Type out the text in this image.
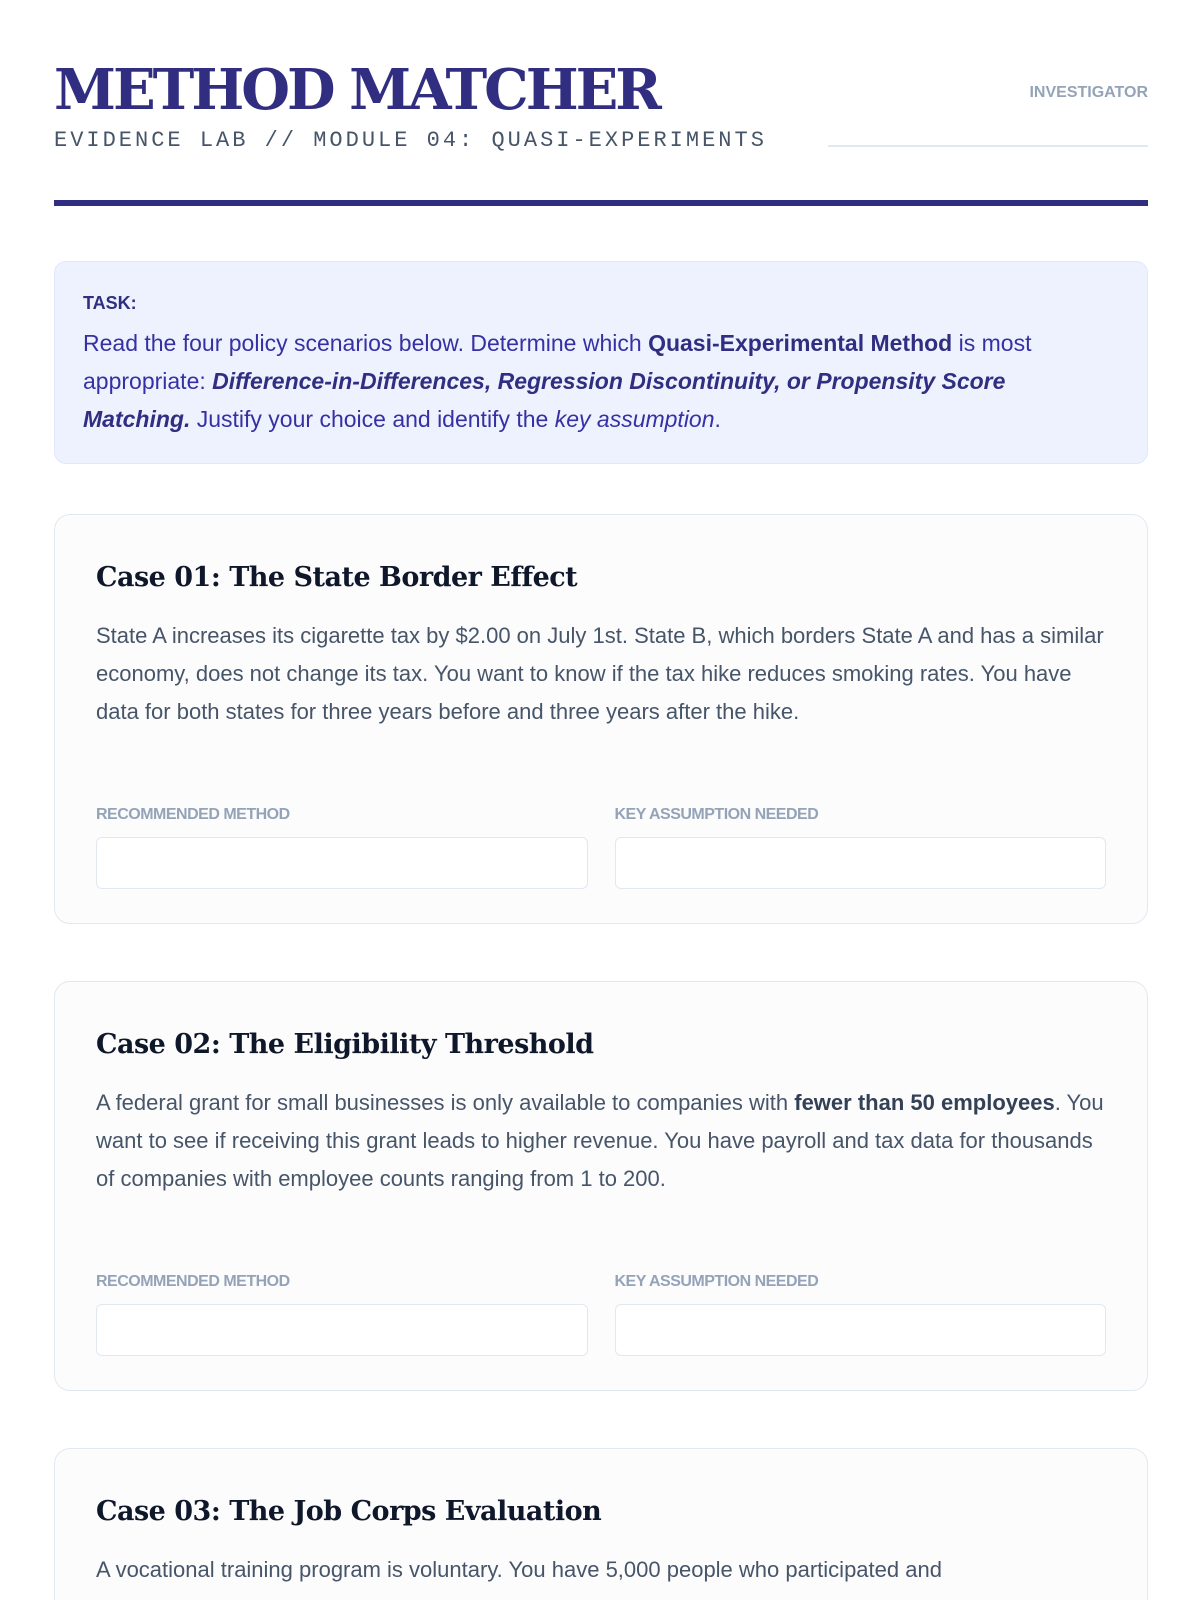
METHOD MATCHER
EVIDENCE LAB // MODULE 04: QUASI-EXPERIMENTS
INVESTIGATOR
TASK:
Read the four policy scenarios below. Determine which Quasi-Experimental Method is most appropriate: Difference-in-Differences, Regression Discontinuity, or Propensity Score Matching. Justify your choice and identify the key assumption.
Case 01: The State Border Effect
State A increases its cigarette tax by $2.00 on July 1st. State B, which borders State A and has a similar economy, does not change its tax. You want to know if the tax hike reduces smoking rates. You have data for both states for three years before and three years after the hike.
RECOMMENDED METHOD	KEY ASSUMPTION NEEDED
Case 02: The Eligibility Threshold
A federal grant for small businesses is only available to companies with fewer than 50 employees. You want to see if receiving this grant leads to higher revenue. You have payroll and tax data for thousands of companies with employee counts ranging from 1 to 200.
RECOMMENDED METHOD	KEY ASSUMPTION NEEDED
Case 03: The Job Corps Evaluation
A vocational training program is voluntary. You have 5,000 people who participated and
